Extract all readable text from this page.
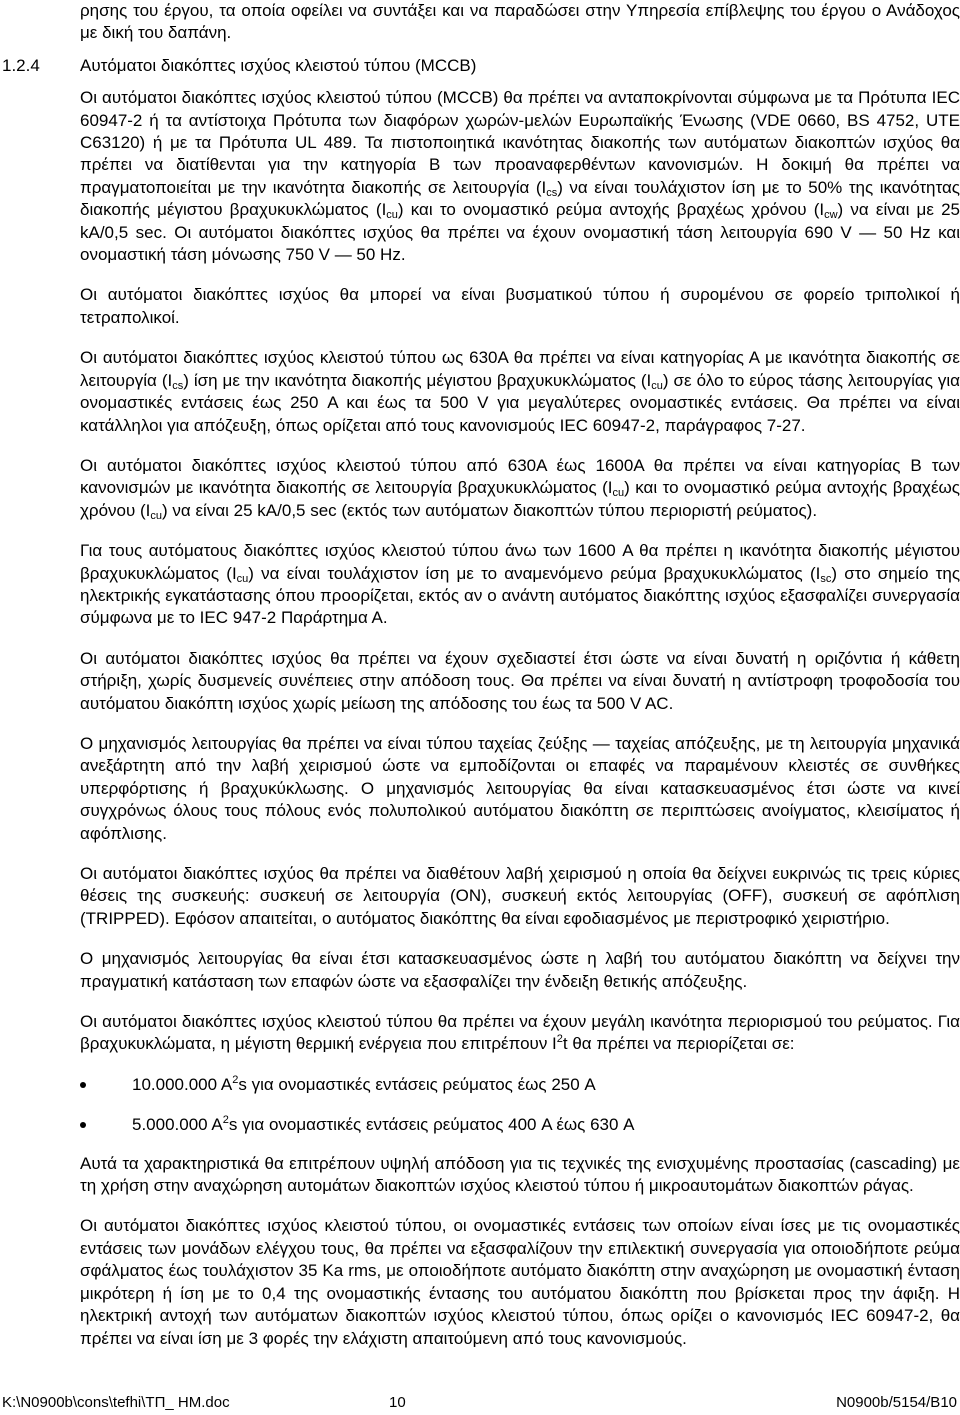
ρησης του έργου, τα οποία οφείλει να συντάξει και να παραδώσει στην Υπηρεσία επίβλεψης του έργου ο Ανάδοχος με δική του δαπάνη.

1.2.4 Αυτόματοι διακόπτες ισχύος κλειστού τύπου (MCCB)

Οι αυτόματοι διακόπτες ισχύος κλειστού τύπου (MCCB) θα πρέπει να ανταποκρίνονται σύμφωνα με τα Πρότυπα IEC 60947-2 ή τα αντίστοιχα Πρότυπα των διαφόρων χωρών-μελών Ευρωπαϊκής Ένωσης (VDE 0660, BS 4752, UTE C63120) ή με τα Πρότυπα UL 489. Τα πιστοποιητικά ικανότητας διακοπής των αυτόματων διακοπτών ισχύος θα πρέπει να διατίθενται για την κατηγορία Β των προαναφερθέντων κανονισμών. Η δοκιμή θα πρέπει να πραγματοποιείται με την ικανότητα διακοπής σε λειτουργία $(I_{cs})$ να είναι τουλάχιστον ίση με το 50% της ικανότητας διακοπής μέγιστου βραχυκυκλώματος $(I_{cu})$ και το ονομαστικό ρεύμα αντοχής βραχέως χρόνου $(I_{cw})$ να είναι με 25 kA/0,5 sec. Οι αυτόματοι διακόπτες ισχύος θα πρέπει να έχουν ονομαστική τάση λειτουργία 690 V — 50 Hz και ονομαστική τάση μόνωσης 750 V — 50 Hz.

Οι αυτόματοι διακόπτες ισχύος θα μπορεί να είναι βυσματικού τύπου ή συρομένου σε φορείο τριπολικοί ή τετραπολικοί.

Οι αυτόματοι διακόπτες ισχύος κλειστού τύπου ως 630A θα πρέπει να είναι κατηγορίας Α με ικανότητα διακοπής σε λειτουργία $(I_{cs})$ ίση με την ικανότητα διακοπής μέγιστου βραχυκυκλώματος $(I_{cu})$ σε όλο το εύρος τάσης λειτουργίας για ονομαστικές εντάσεις έως 250 A και έως τα 500 V για μεγαλύτερες ονομαστικές εντάσεις. Θα πρέπει να είναι κατάλληλοι για απόζευξη, όπως ορίζεται από τους κανονισμούς IEC 60947-2, παράγραφος 7-27.

Οι αυτόματοι διακόπτες ισχύος κλειστού τύπου από 630A έως 1600A θα πρέπει να είναι κατηγορίας Β των κανονισμών με ικανότητα διακοπής σε λειτουργία βραχυκυκλώματος $(I_{cu})$ και το ονομαστικό ρεύμα αντοχής βραχέως χρόνου $(I_{cu})$ να είναι 25 kA/0,5 sec (εκτός των αυτόματων διακοπτών τύπου περιοριστή ρεύματος).

Για τους αυτόματους διακόπτες ισχύος κλειστού τύπου άνω των 1600 A θα πρέπει η ικανότητα διακοπής μέγιστου βραχυκυκλώματος $(I_{cu})$ να είναι τουλάχιστον ίση με το αναμενόμενο ρεύμα βραχυκυκλώματος $(I_{sc})$ στο σημείο της ηλεκτρικής εγκατάστασης όπου προορίζεται, εκτός αν ο ανάντη αυτόματος διακόπτης ισχύος εξασφαλίζει συνεργασία σύμφωνα με το IEC 947-2 Παράρτημα Α.

Οι αυτόματοι διακόπτες ισχύος θα πρέπει να έχουν σχεδιαστεί έτσι ώστε να είναι δυνατή η οριζόντια ή κάθετη στήριξη, χωρίς δυσμενείς συνέπειες στην απόδοση τους. Θα πρέπει να είναι δυνατή η αντίστροφη τροφοδοσία του αυτόματου διακόπτη ισχύος χωρίς μείωση της απόδοσης του έως τα 500 V AC.

Ο μηχανισμός λειτουργίας θα πρέπει να είναι τύπου ταχείας ζεύξης — ταχείας απόζευξης, με τη λειτουργία μηχανικά ανεξάρτητη από την λαβή χειρισμού ώστε να εμποδίζονται οι επαφές να παραμένουν κλειστές σε συνθήκες υπερφόρτισης ή βραχυκύκλωσης. Ο μηχανισμός λειτουργίας θα είναι κατασκευασμένος έτσι ώστε να κινεί συγχρόνως όλους τους πόλους ενός πολυπολικού αυτόματου διακόπτη σε περιπτώσεις ανοίγματος, κλεισίματος ή αφόπλισης.

Οι αυτόματοι διακόπτες ισχύος θα πρέπει να διαθέτουν λαβή χειρισμού η οποία θα δείχνει ευκρινώς τις τρεις κύριες θέσεις της συσκευής: συσκευή σε λειτουργία (ON), συσκευή εκτός λειτουργίας (OFF), συσκευή σε αφόπλιση (TRIPPED). Εφόσον απαιτείται, ο αυτόματος διακόπτης θα είναι εφοδιασμένος με περιστροφικό χειριστήριο.

Ο μηχανισμός λειτουργίας θα είναι έτσι κατασκευασμένος ώστε η λαβή του αυτόματου διακόπτη να δείχνει την πραγματική κατάσταση των επαφών ώστε να εξασφαλίζει την ένδειξη θετικής απόζευξης.

Οι αυτόματοι διακόπτες ισχύος κλειστού τύπου θα πρέπει να έχουν μεγάλη ικανότητα περιορισμού του ρεύματος. Για βραχυκυκλώματα, η μέγιστη θερμική ενέργεια που επιτρέπουν $I^2t$ θα πρέπει να περιορίζεται σε:

10.000.000 $A^2s$ για ονομαστικές εντάσεις ρεύματος έως 250 A
5.000.000 $A^2s$ για ονομαστικές εντάσεις ρεύματος 400 A έως 630 A

Αυτά τα χαρακτηριστικά θα επιτρέπουν υψηλή απόδοση για τις τεχνικές της ενισχυμένης προστασίας (cascading) με τη χρήση στην αναχώρηση αυτομάτων διακοπτών ισχύος κλειστού τύπου ή μικροαυτομάτων διακοπτών ράγας.

Οι αυτόματοι διακόπτες ισχύος κλειστού τύπου, οι ονομαστικές εντάσεις των οποίων είναι ίσες με τις ονομαστικές εντάσεις των μονάδων ελέγχου τους, θα πρέπει να εξασφαλίζουν την επιλεκτική συνεργασία για οποιοδήποτε ρεύμα σφάλματος έως τουλάχιστον 35 Ka rms, με οποιοδήποτε αυτόματο διακόπτη στην αναχώρηση με ονομαστική ένταση μικρότερη ή ίση με το 0,4 της ονομαστικής έντασης του αυτόματου διακόπτη που βρίσκεται προς την άφιξη. Η ηλεκτρική αντοχή των αυτόματων διακοπτών ισχύος κλειστού τύπου, όπως ορίζει ο κανονισμός IEC 60947-2, θα πρέπει να είναι ίση με 3 φορές την ελάχιστη απαιτούμενη από τους κανονισμούς.

K:\N0900b\cons\tefhi\ΤΠ_ ΗΜ.doc	10	N0900b/5154/B10
